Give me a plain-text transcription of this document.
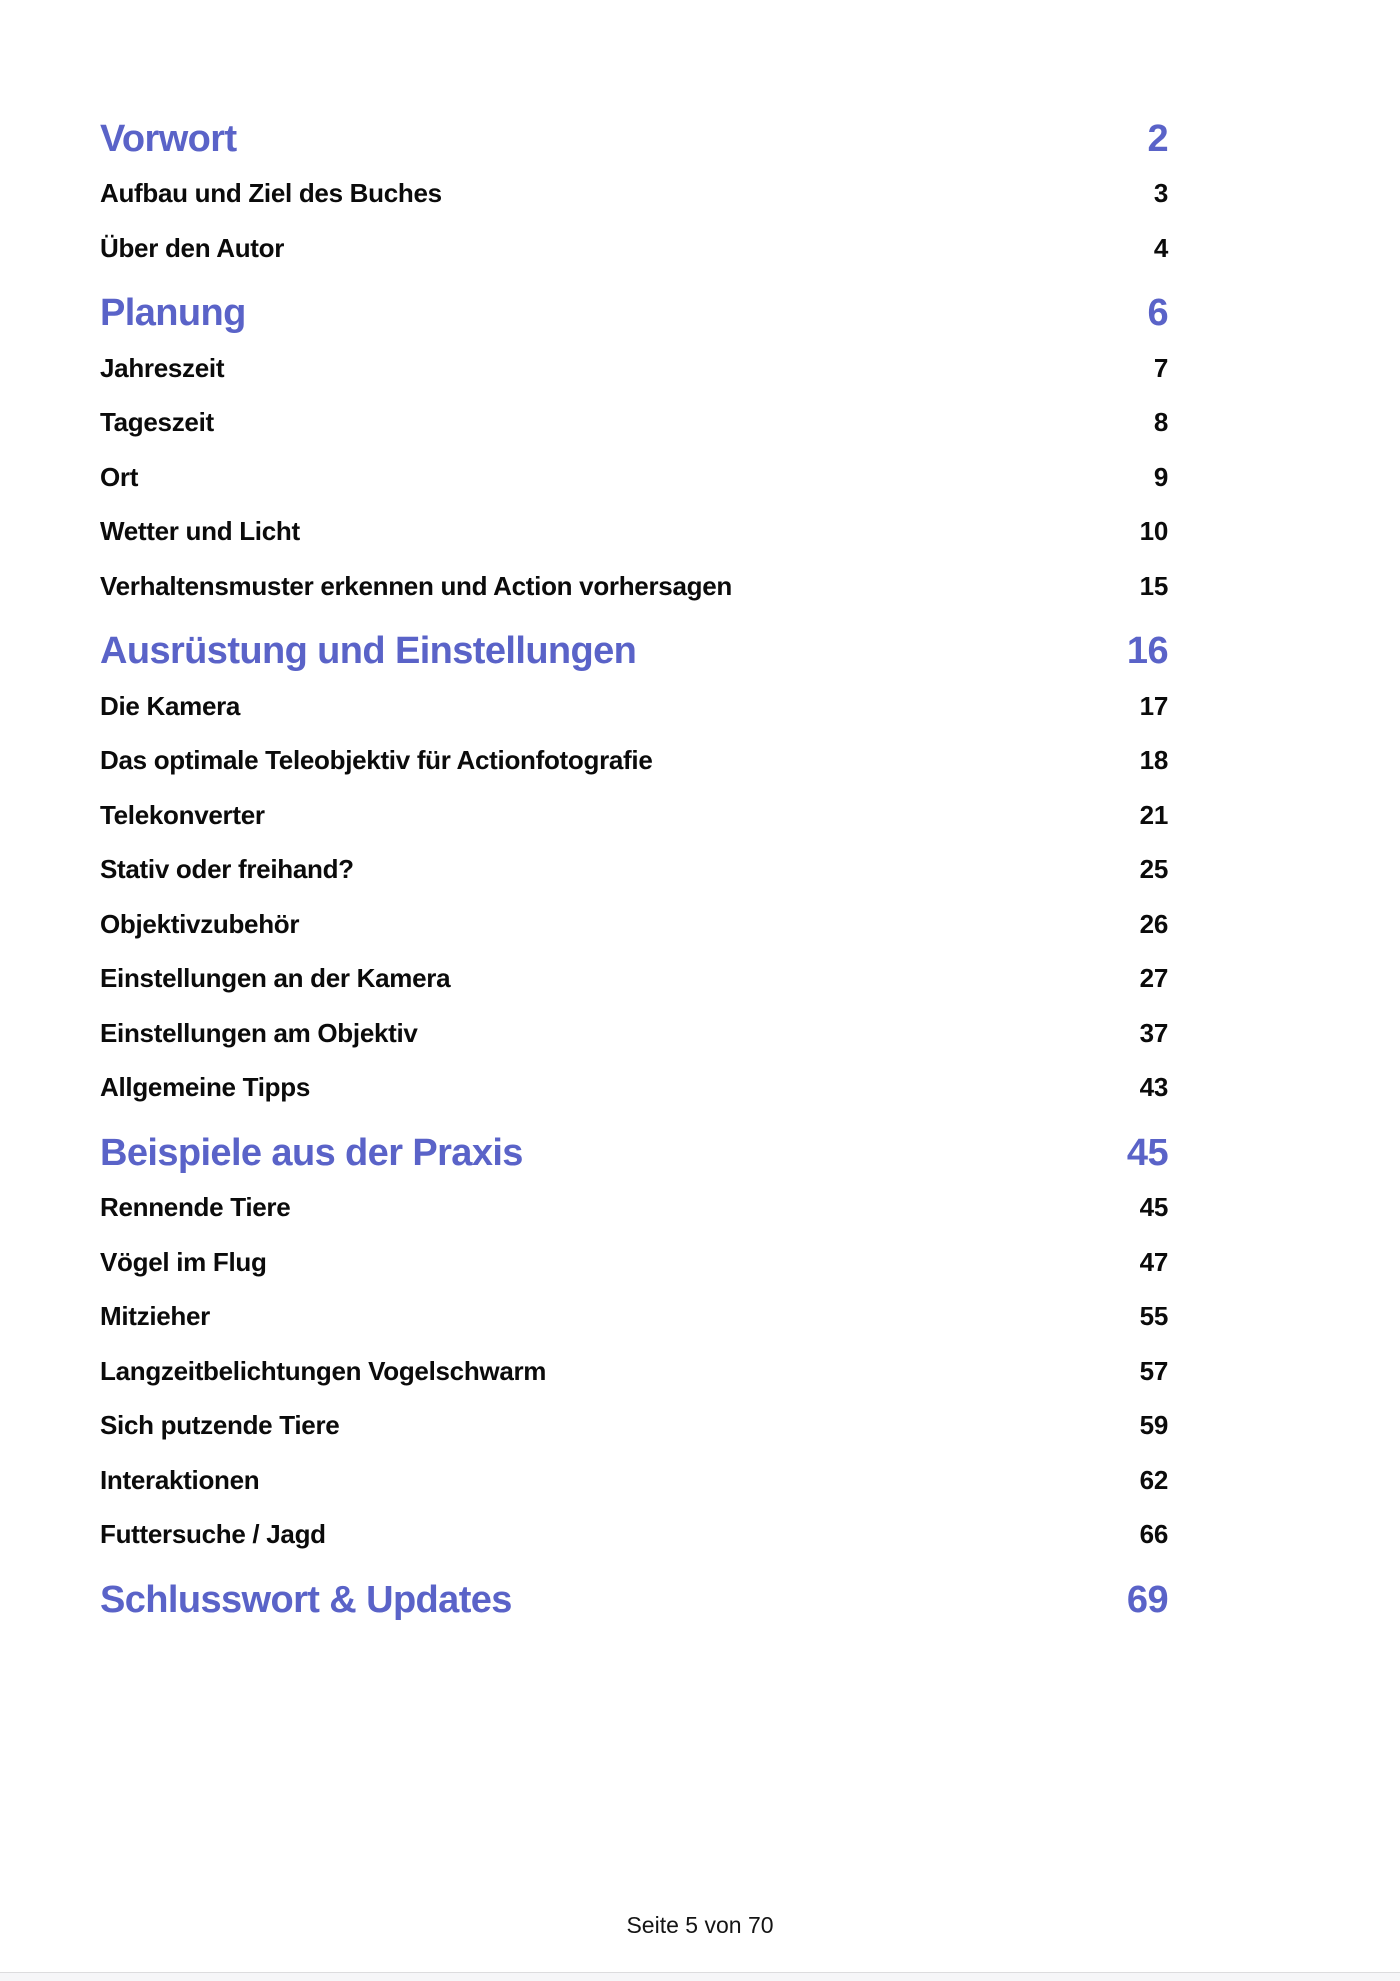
Vorwort	2
Aufbau und Ziel des Buches	3
Über den Autor	4
Planung	6
Jahreszeit	7
Tageszeit	8
Ort	9
Wetter und Licht	10
Verhaltensmuster erkennen und Action vorhersagen	15
Ausrüstung und Einstellungen	16
Die Kamera	17
Das optimale Teleobjektiv für Actionfotografie	18
Telekonverter	21
Stativ oder freihand?	25
Objektivzubehör	26
Einstellungen an der Kamera	27
Einstellungen am Objektiv	37
Allgemeine Tipps	43
Beispiele aus der Praxis	45
Rennende Tiere	45
Vögel im Flug	47
Mitzieher	55
Langzeitbelichtungen Vogelschwarm	57
Sich putzende Tiere	59
Interaktionen	62
Futtersuche / Jagd	66
Schlusswort & Updates	69
Seite 5 von 70
